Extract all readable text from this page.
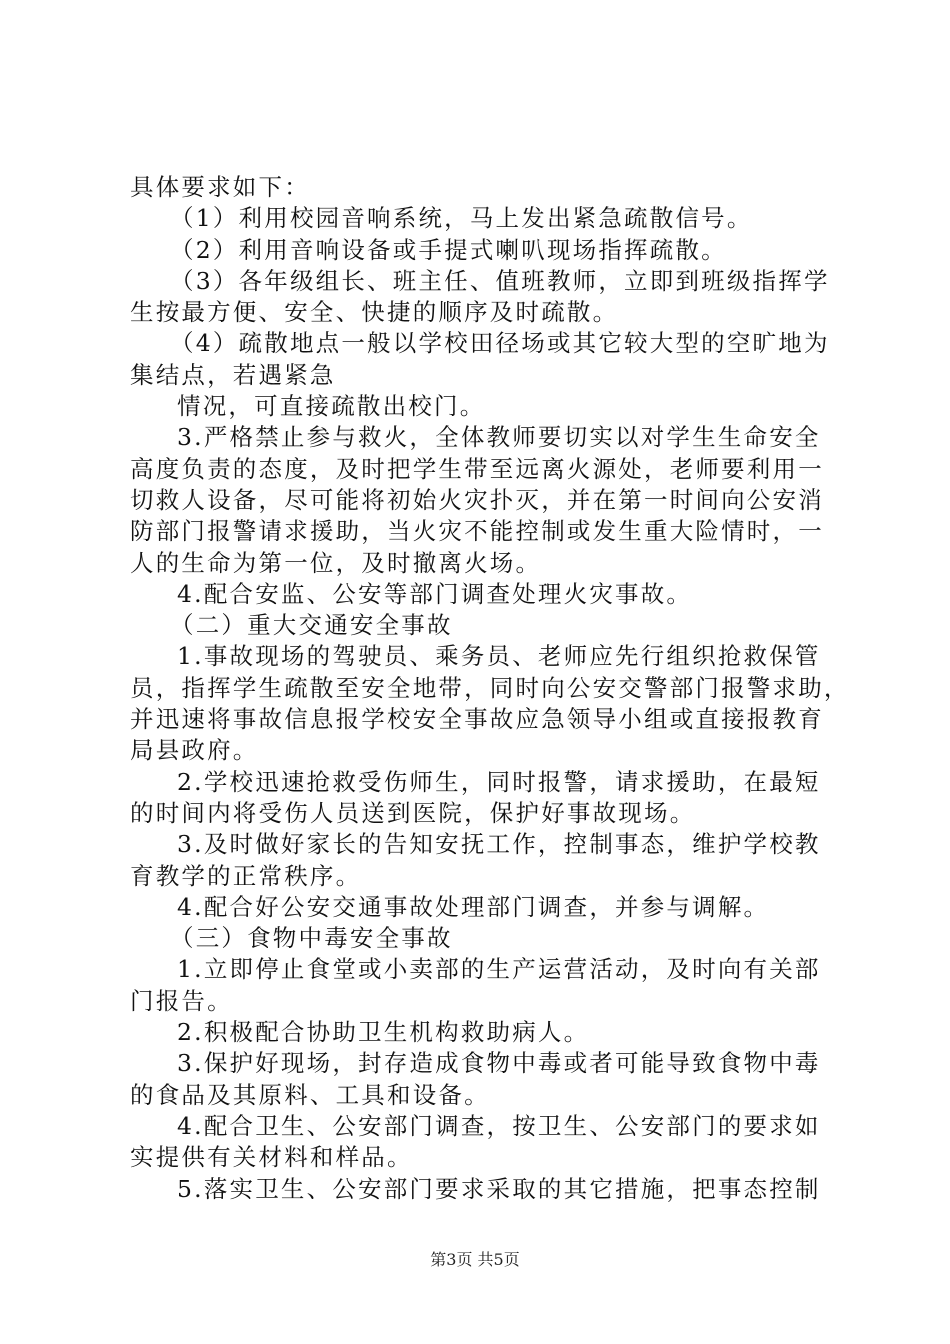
具体要求如下：
（1）利用校园音响系统，马上发出紧急疏散信号。
（2）利用音响设备或手提式喇叭现场指挥疏散。
（3）各年级组长、班主任、值班教师，立即到班级指挥学
生按最方便、安全、快捷的顺序及时疏散。
（4）疏散地点一般以学校田径场或其它较大型的空旷地为
集结点，若遇紧急
情况，可直接疏散出校门。
3.严格禁止参与救火，全体教师要切实以对学生生命安全
高度负责的态度，及时把学生带至远离火源处，老师要利用一
切救人设备，尽可能将初始火灾扑灭，并在第一时间向公安消
防部门报警请求援助，当火灾不能控制或发生重大险情时，一
人的生命为第一位，及时撤离火场。
4.配合安监、公安等部门调查处理火灾事故。
（二）重大交通安全事故
1.事故现场的驾驶员、乘务员、老师应先行组织抢救保管
员，指挥学生疏散至安全地带，同时向公安交警部门报警求助，
并迅速将事故信息报学校安全事故应急领导小组或直接报教育
局县政府。
2.学校迅速抢救受伤师生，同时报警，请求援助，在最短
的时间内将受伤人员送到医院，保护好事故现场。
3.及时做好家长的告知安抚工作，控制事态，维护学校教
育教学的正常秩序。
4.配合好公安交通事故处理部门调查，并参与调解。
（三）食物中毒安全事故
1.立即停止食堂或小卖部的生产运营活动，及时向有关部
门报告。
2.积极配合协助卫生机构救助病人。
3.保护好现场，封存造成食物中毒或者可能导致食物中毒
的食品及其原料、工具和设备。
4.配合卫生、公安部门调查，按卫生、公安部门的要求如
实提供有关材料和样品。
5.落实卫生、公安部门要求采取的其它措施，把事态控制
第3页 共5页
